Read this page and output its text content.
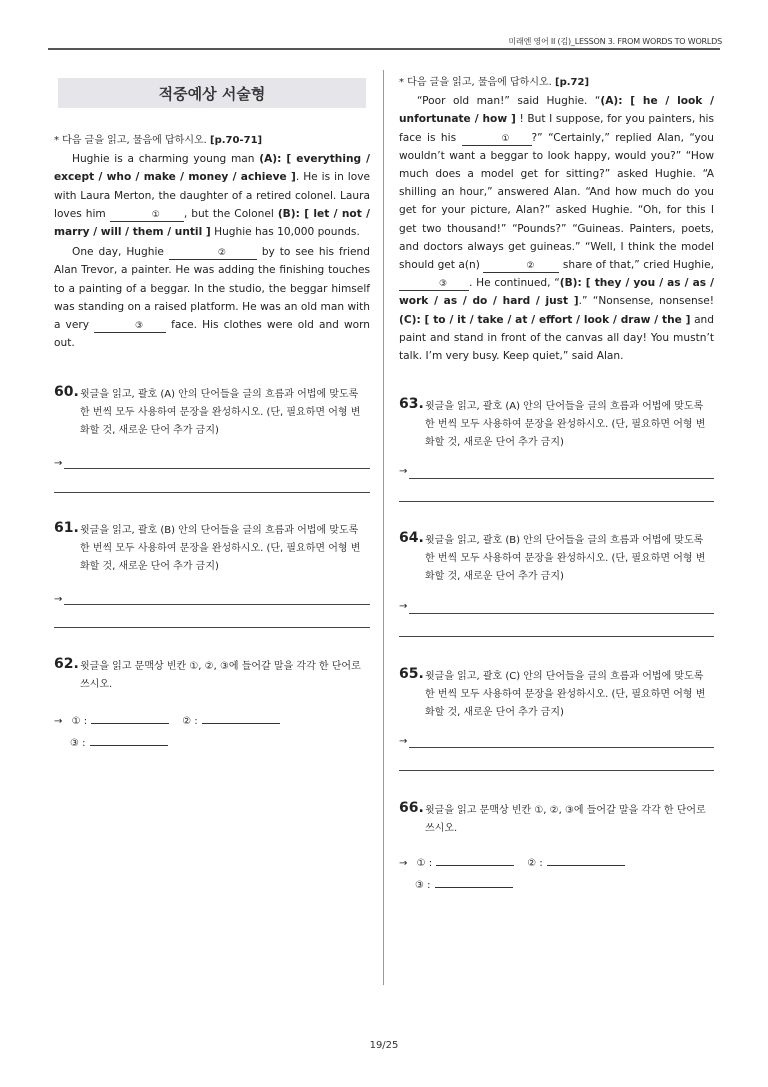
미래엔 영어 II (김)_LESSON 3. FROM WORDS TO WORLDS
적중예상 서술형
* 다음 글을 읽고, 물음에 답하시오. [p.70-71]

Hughie is a charming young man (A): [ everything / except / who / make / money / achieve ]. He is in love with Laura Merton, the daughter of a retired colonel. Laura loves him	① , but the Colonel (B): [ let / not / marry / will / them / until ] Hughie has 10,000 pounds.

One day, Hughie	②	by to see his friend Alan Trevor, a painter. He was adding the finishing touches to a painting of a beggar. In the studio, the beggar himself was standing on a raised platform. He was an old man with a very	③ face. His clothes were old and worn out.

60. 윗글을 읽고, 괄호 (A) 안의 단어들을 글의 흐름과 어법에 맞도록 한 번씩 모두 사용하여 문장을 완성하시오. (단, 필요하면 어형 변화할 것, 새로운 단어 추가 금지)
→
61. 윗글을 읽고, 괄호 (B) 안의 단어들을 글의 흐름과 어법에 맞도록 한 번씩 모두 사용하여 문장을 완성하시오. (단, 필요하면 어형 변화할 것, 새로운 단어 추가 금지)
→
62. 윗글을 읽고 문맥상 빈칸 ①, ②, ③에 들어갈 말을 각각 한 단어로 쓰시오.
→ ① :	② :
③ :
* 다음 글을 읽고, 물음에 답하시오. [p.72]

“Poor old man!” said Hughie. “(A): [ he / look / unfortunate / how ] ! But I suppose, for you painters, his face is his	① ?” “Certainly,” replied Alan, “you wouldn’t want a beggar to look happy, would you?” “How much does a model get for sitting?” asked Hughie. “A shilling an hour,” answered Alan. “And how much do you get for your picture, Alan?” asked Hughie. “Oh, for this I get two thousand!” “Pounds?” “Guineas. Painters, poets, and doctors always get guineas.” “Well, I think the model should get a(n)	② share of that,” cried Hughie, ③ . He continued, “(B): [ they / you / as / as / work / as / do / hard / just ].” “Nonsense, nonsense! (C): [ to / it / take / at / effort / look / draw / the ] and paint and stand in front of the canvas all day! You mustn’t talk. I’m very busy. Keep quiet,” said Alan.

63. 윗글을 읽고, 괄호 (A) 안의 단어들을 글의 흐름과 어법에 맞도록 한 번씩 모두 사용하여 문장을 완성하시오. (단, 필요하면 어형 변화할 것, 새로운 단어 추가 금지)
→
64. 윗글을 읽고, 괄호 (B) 안의 단어들을 글의 흐름과 어법에 맞도록 한 번씩 모두 사용하여 문장을 완성하시오. (단, 필요하면 어형 변화할 것, 새로운 단어 추가 금지)
→
65. 윗글을 읽고, 괄호 (C) 안의 단어들을 글의 흐름과 어법에 맞도록 한 번씩 모두 사용하여 문장을 완성하시오. (단, 필요하면 어형 변화할 것, 새로운 단어 추가 금지)
→
66. 윗글을 읽고 문맥상 빈칸 ①, ②, ③에 들어갈 말을 각각 한 단어로 쓰시오.
→ ① :	② :
③ :
19/25
